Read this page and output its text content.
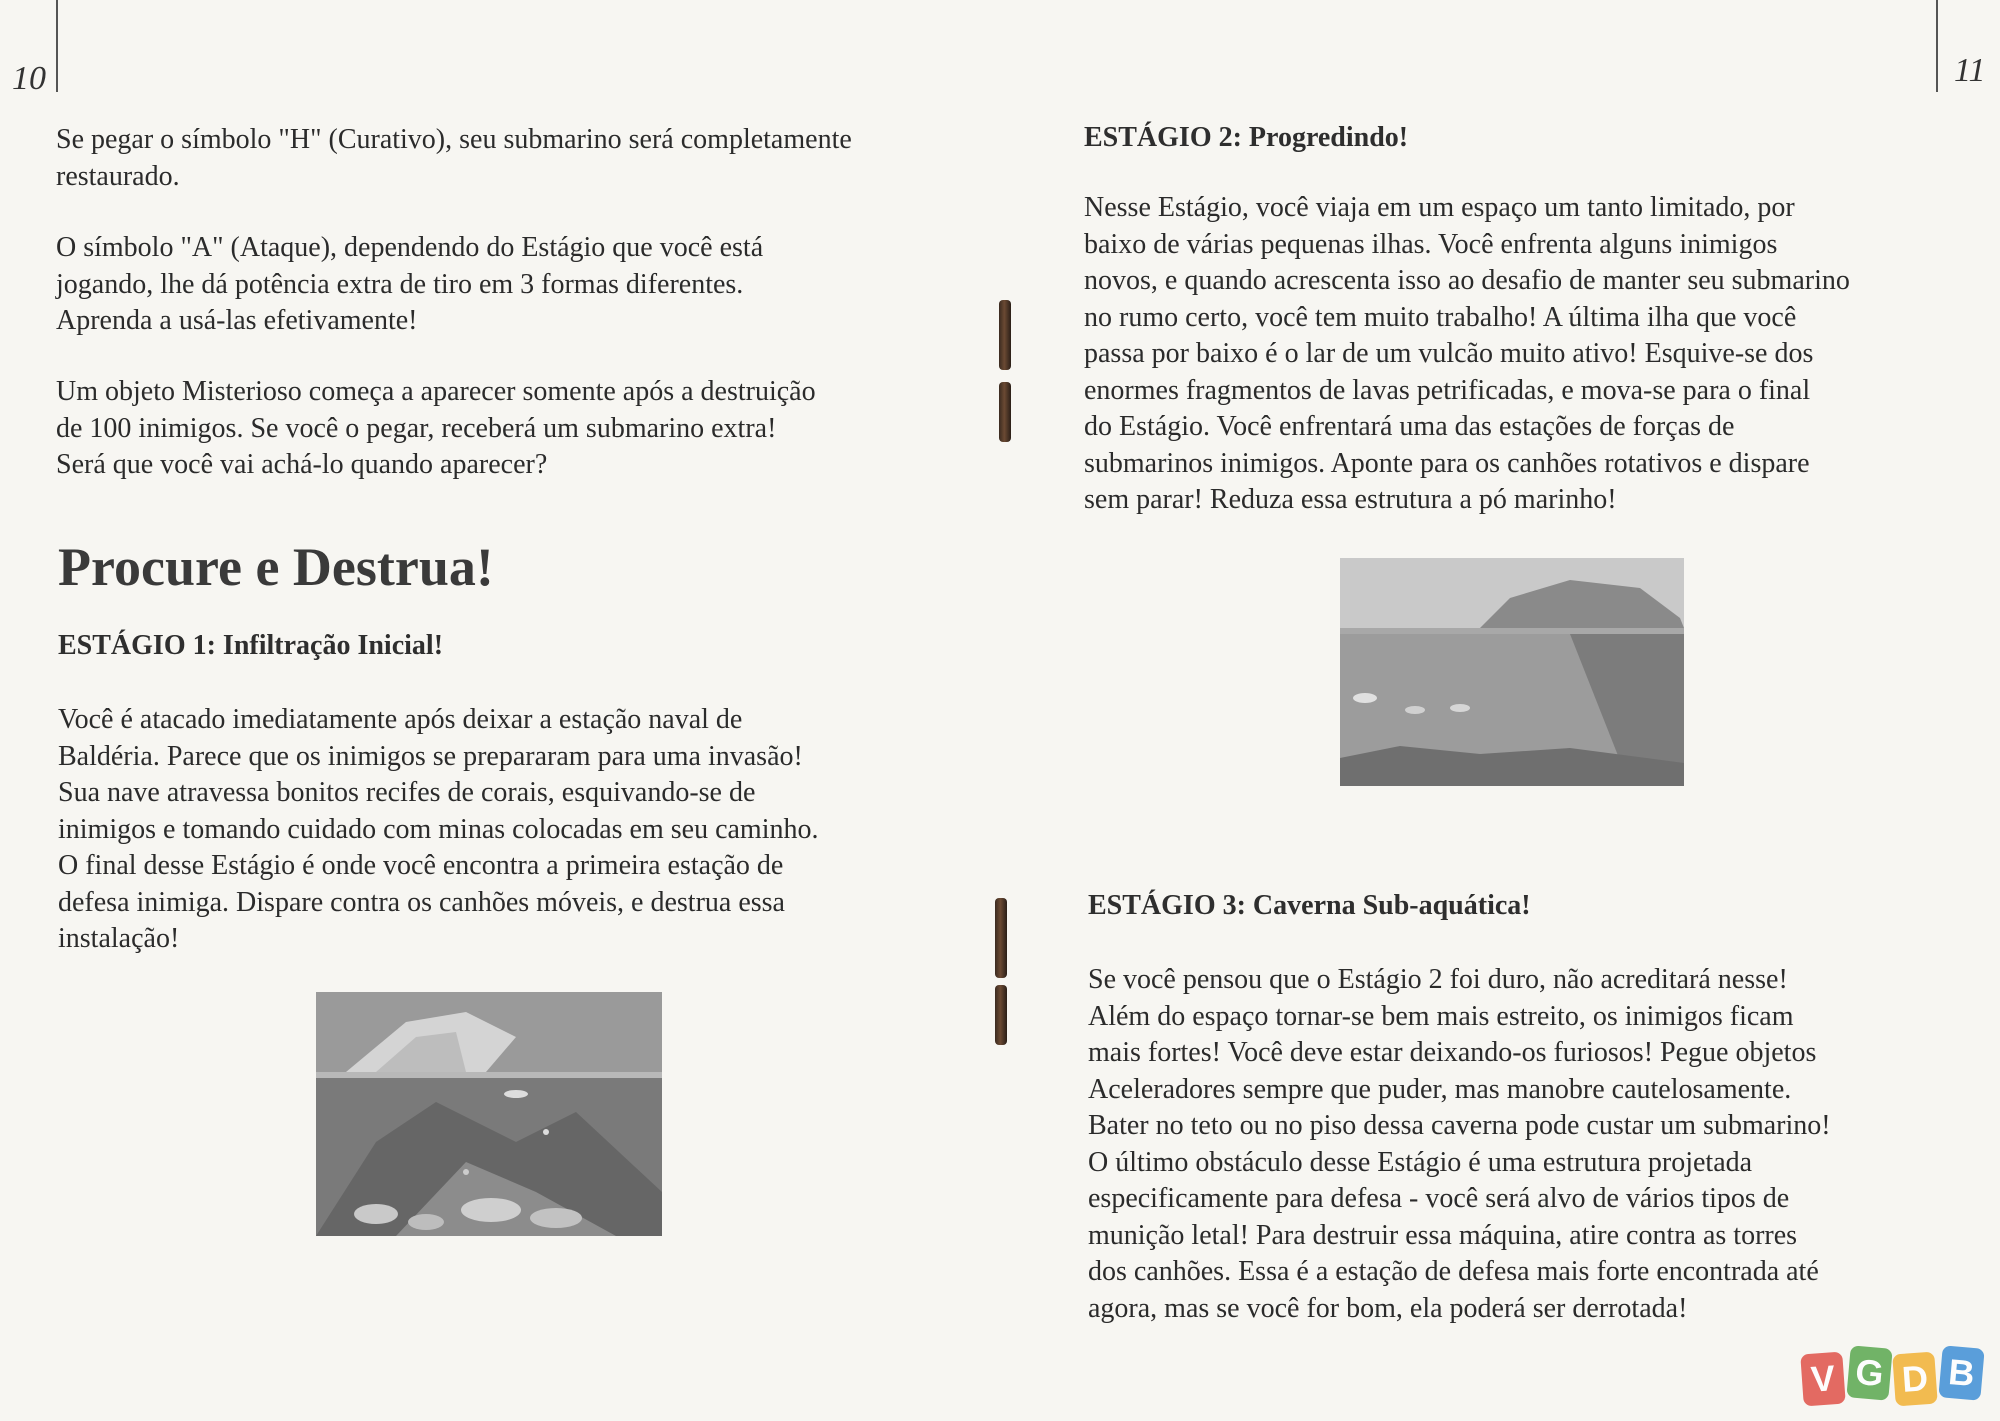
10

Se pegar o símbolo "H" (Curativo), seu submarino será completamente
restaurado.

O símbolo "A" (Ataque), dependendo do Estágio que você está
jogando, lhe dá potência extra de tiro em 3 formas diferentes.
Aprenda a usá-las efetivamente!

Um objeto Misterioso começa a aparecer somente após a destruição
de 100 inimigos. Se você o pegar, receberá um submarino extra!
Será que você vai achá-lo quando aparecer?

Procure e Destrua!
ESTÁGIO 1: Infiltração Inicial!

Você é atacado imediatamente após deixar a estação naval de
Baldéria. Parece que os inimigos se prepararam para uma invasão!
Sua nave atravessa bonitos recifes de corais, esquivando-se de
inimigos e tomando cuidado com minas colocadas em seu caminho.
O final desse Estágio é onde você encontra a primeira estação de
defesa inimiga. Dispare contra os canhões móveis, e destrua essa
instalação!

11
ESTÁGIO 2: Progredindo!

Nesse Estágio, você viaja em um espaço um tanto limitado, por
baixo de várias pequenas ilhas. Você enfrenta alguns inimigos
novos, e quando acrescenta isso ao desafio de manter seu submarino
no rumo certo, você tem muito trabalho! A última ilha que você
passa por baixo é o lar de um vulcão muito ativo! Esquive-se dos
enormes fragmentos de lavas petrificadas, e mova-se para o final
do Estágio. Você enfrentará uma das estações de forças de
submarinos inimigos. Aponte para os canhões rotativos e dispare
sem parar! Reduza essa estrutura a pó marinho!

ESTÁGIO 3: Caverna Sub-aquática!

Se você pensou que o Estágio 2 foi duro, não acreditará nesse!
Além do espaço tornar-se bem mais estreito, os inimigos ficam
mais fortes! Você deve estar deixando-os furiosos! Pegue objetos
Aceleradores sempre que puder, mas manobre cautelosamente.
Bater no teto ou no piso dessa caverna pode custar um submarino!
O último obstáculo desse Estágio é uma estrutura projetada
especificamente para defesa - você será alvo de vários tipos de
munição letal! Para destruir essa máquina, atire contra as torres
dos canhões. Essa é a estação de defesa mais forte encontrada até
agora, mas se você for bom, ela poderá ser derrotada!

V G D B
